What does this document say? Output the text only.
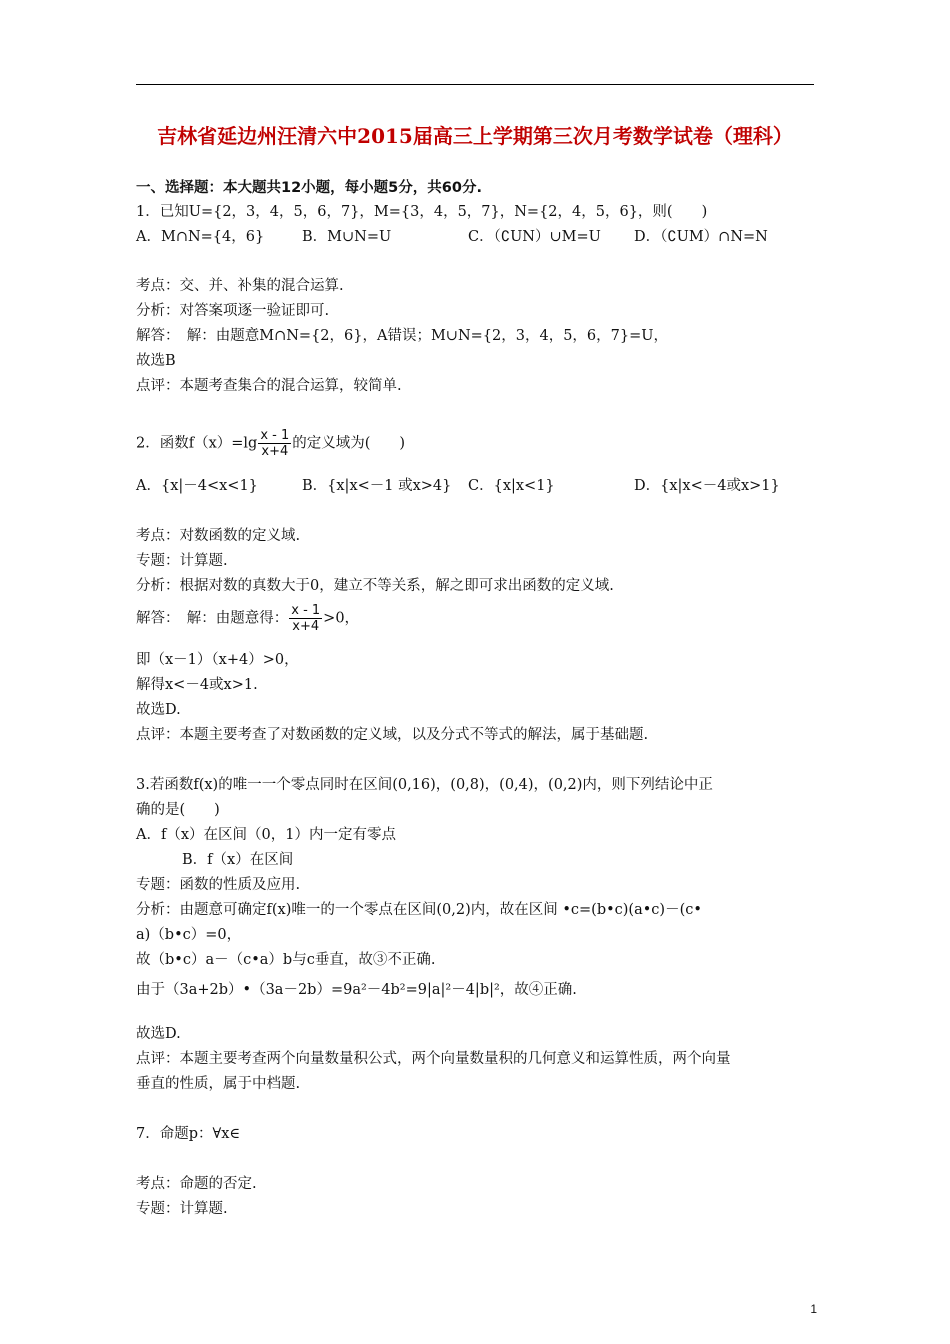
吉林省延边州汪清六中2015届高三上学期第三次月考数学试卷（理科）
一、选择题：本大题共12小题，每小题5分，共60分.
1．已知U={2，3，4，5，6，7}，M={3，4，5，7}，N={2，4，5，6}，则(　　)
A．M∩N={4，6}	B．M∪N=U	C．（∁UN）∪M=U D．（∁UM）∩N=N
考点：交、并、补集的混合运算.
分析：对答案项逐一验证即可.
解答：　解：由题意M∩N={2，6}，A错误；M∪N={2，3，4，5，6，7}=U，
故选B
点评：本题考查集合的混合运算，较简单.
2．函数$f(x)=\lg \frac{x - 1}{x+4}$ 的定义域为(　　)
A．{x|－4<x<1}	B．{x|x<－1 或x>4} C．{x|x<1}	D．{x|x<－4或x>1}
考点：对数函数的定义域.
专题：计算题.
分析：根据对数的真数大于0，建立不等关系，解之即可求出函数的定义域.
解答：　解：由题意得： $\frac{x - 1}{x+4} >0$，
即（x－1）（x+4）>0，
解得x<－4或x>1.
故选D.
点评：本题主要考查了对数函数的定义域，以及分式不等式的解法，属于基础题.
3.若函数f(x)的唯一一个零点同时在区间(0,16)，(0,8)，(0,4)，(0,2)内，则下列结论中正
确的是(　　)
A．f（x）在区间（0，1）内一定有零点
B．f（x）在区间
专题：函数的性质及应用.
分析：由题意可确定f(x)唯一的一个零点在区间(0,2)内，故在区间 •c=(b•c)(a•c)－(c•
a)（b•c）=0，
故（b•c）a－（c•a）b与c垂直，故③不正确.
由于（3a+2b）•（3a－2b）=9a²－4b²=9|a|²－4|b|²，故④正确.
故选D.
点评：本题主要考查两个向量数量积公式，两个向量数量积的几何意义和运算性质，两个向量
垂直的性质，属于中档题.
7．命题p：∀x∈
考点：命题的否定.
专题：计算题.
1
